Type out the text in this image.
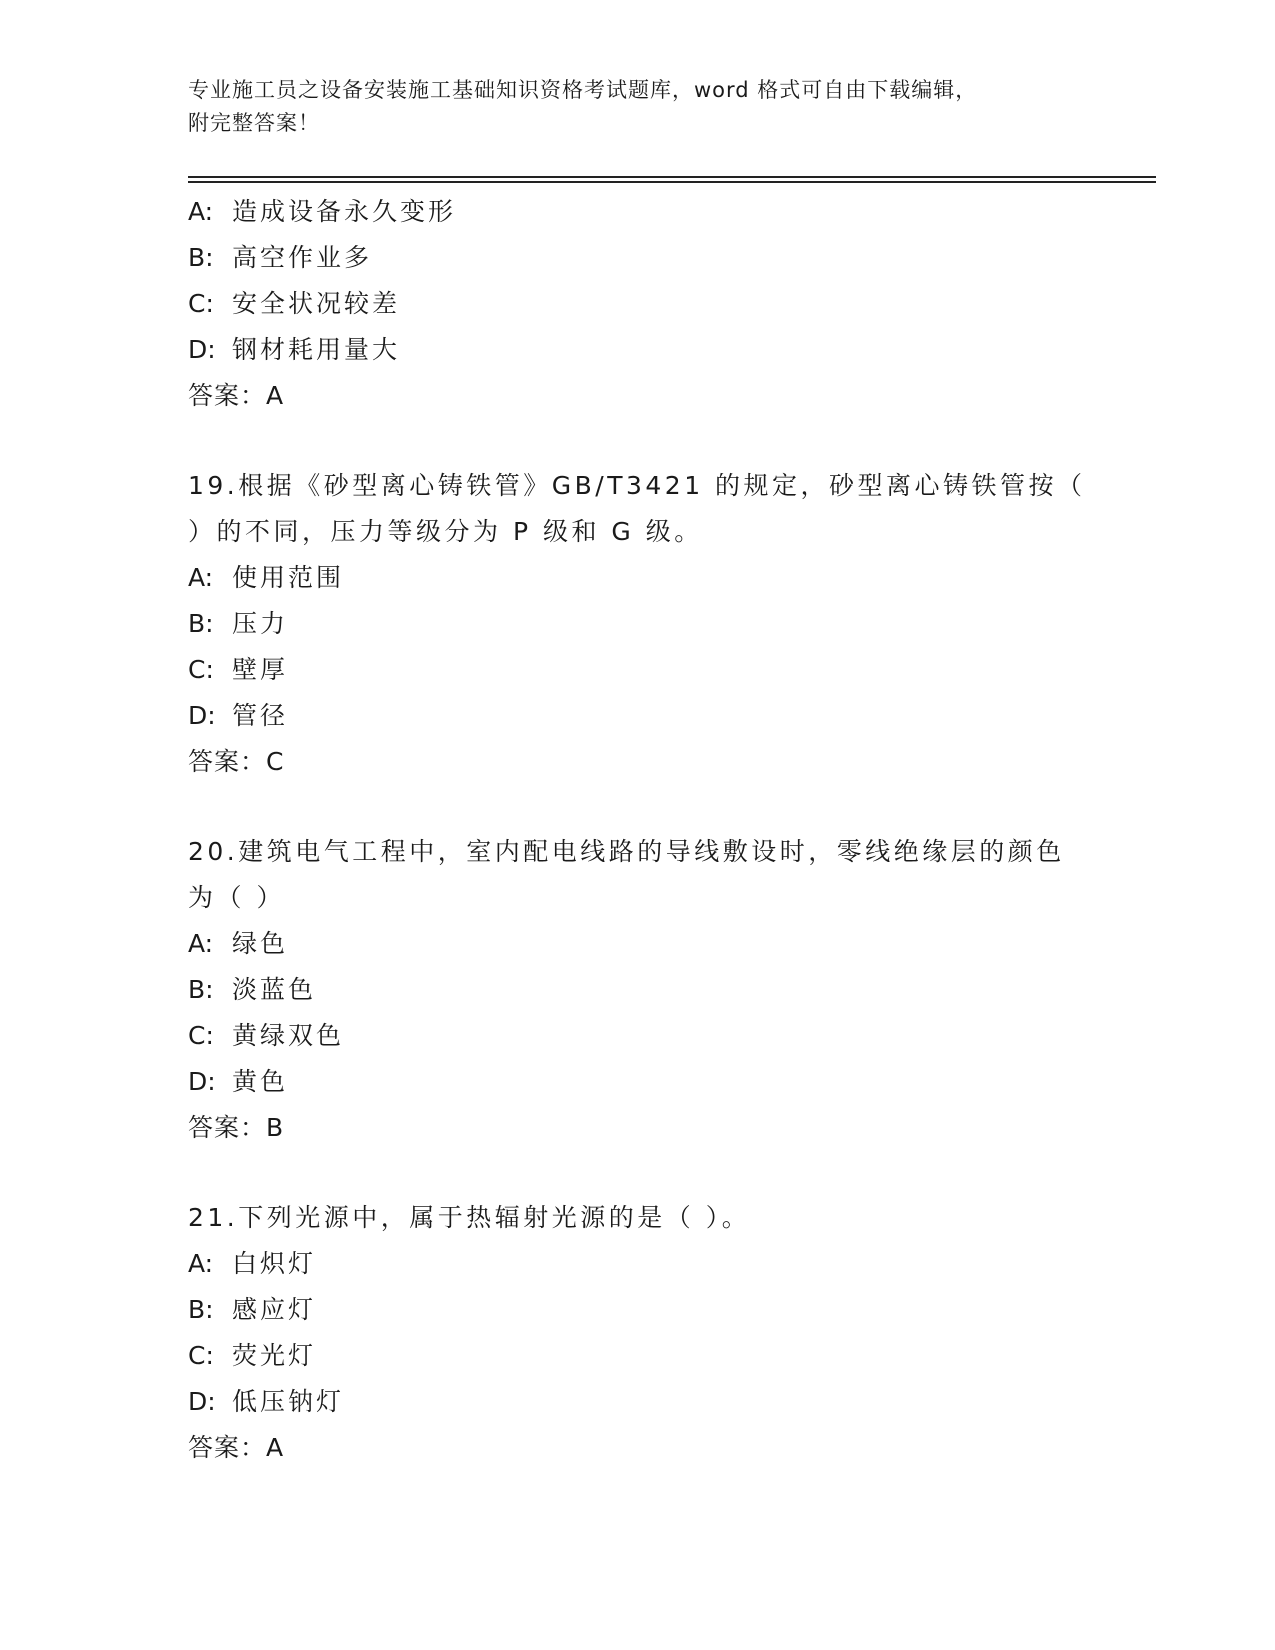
专业施工员之设备安装施工基础知识资格考试题库，word 格式可自由下载编辑，
附完整答案！
A: 造成设备永久变形
B: 高空作业多
C: 安全状况较差
D: 钢材耗用量大
答案：A
19.根据《砂型离心铸铁管》GB/T3421 的规定，砂型离心铸铁管按（
）的不同，压力等级分为 P 级和 G 级。
A: 使用范围
B: 压力
C: 壁厚
D: 管径
答案：C
20.建筑电气工程中，室内配电线路的导线敷设时，零线绝缘层的颜色
为（ ）
A: 绿色
B: 淡蓝色
C: 黄绿双色
D: 黄色
答案：B
21.下列光源中，属于热辐射光源的是（ ）。
A: 白炽灯
B: 感应灯
C: 荧光灯
D: 低压钠灯
答案：A
